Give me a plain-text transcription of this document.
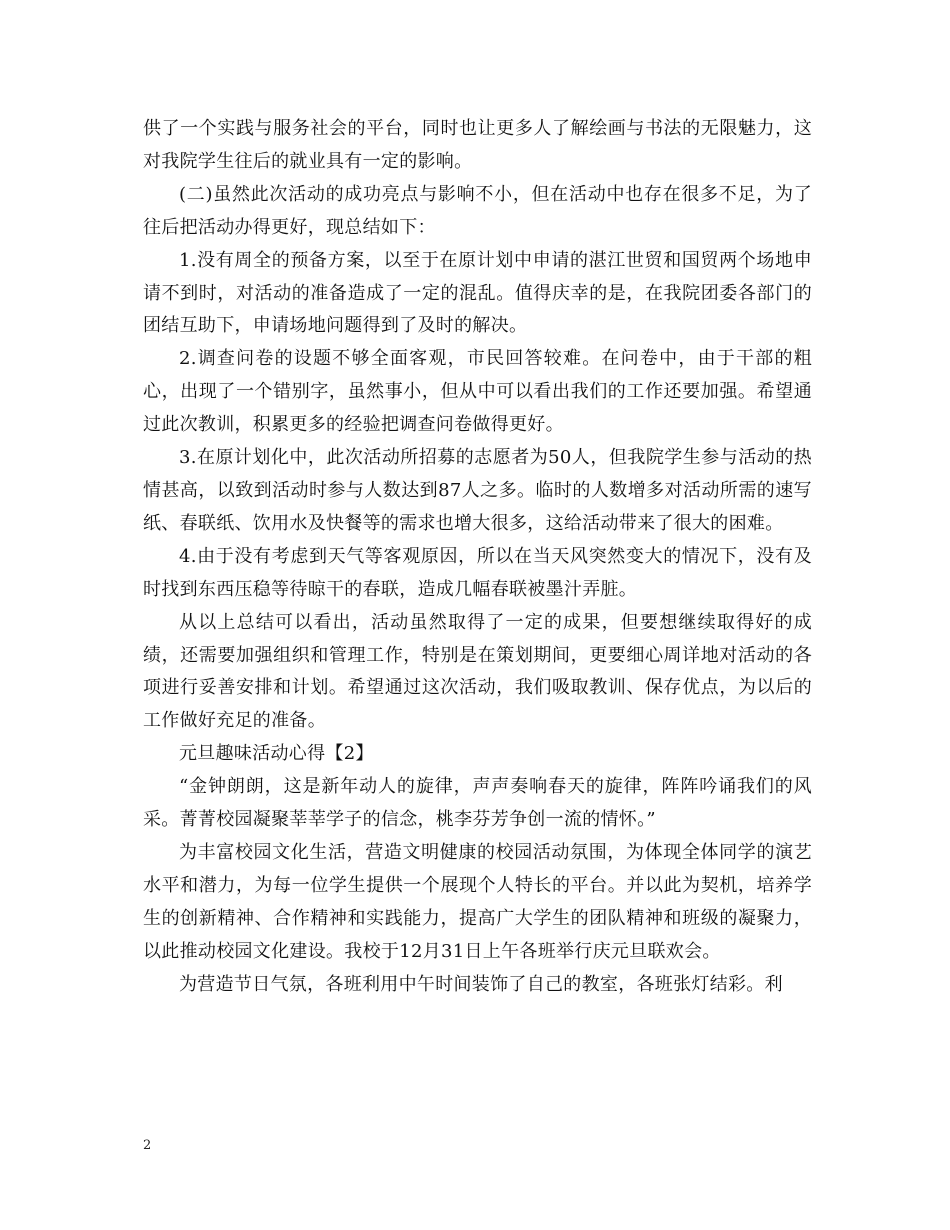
供了一个实践与服务社会的平台，同时也让更多人了解绘画与书法的无限魅力，这对我院学生往后的就业具有一定的影响。

(二)虽然此次活动的成功亮点与影响不小，但在活动中也存在很多不足，为了往后把活动办得更好，现总结如下：

1.没有周全的预备方案，以至于在原计划中申请的湛江世贸和国贸两个场地申请不到时，对活动的准备造成了一定的混乱。值得庆幸的是，在我院团委各部门的团结互助下，申请场地问题得到了及时的解决。

2.调查问卷的设题不够全面客观，市民回答较难。在问卷中，由于干部的粗心，出现了一个错别字，虽然事小，但从中可以看出我们的工作还要加强。希望通过此次教训，积累更多的经验把调查问卷做得更好。

3.在原计划化中，此次活动所招募的志愿者为50人，但我院学生参与活动的热情甚高，以致到活动时参与人数达到87人之多。临时的人数增多对活动所需的速写纸、春联纸、饮用水及快餐等的需求也增大很多，这给活动带来了很大的困难。

4.由于没有考虑到天气等客观原因，所以在当天风突然变大的情况下，没有及时找到东西压稳等待晾干的春联，造成几幅春联被墨汁弄脏。

从以上总结可以看出，活动虽然取得了一定的成果，但要想继续取得好的成绩，还需要加强组织和管理工作，特别是在策划期间，更要细心周详地对活动的各项进行妥善安排和计划。希望通过这次活动，我们吸取教训、保存优点，为以后的工作做好充足的准备。

元旦趣味活动心得【2】

“金钟朗朗，这是新年动人的旋律，声声奏响春天的旋律，阵阵吟诵我们的风采。菁菁校园凝聚莘莘学子的信念，桃李芬芳争创一流的情怀。”

为丰富校园文化生活，营造文明健康的校园活动氛围，为体现全体同学的演艺水平和潜力，为每一位学生提供一个展现个人特长的平台。并以此为契机，培养学生的创新精神、合作精神和实践能力，提高广大学生的团队精神和班级的凝聚力，以此推动校园文化建设。我校于12月31日上午各班举行庆元旦联欢会。

为营造节日气氛，各班利用中午时间装饰了自己的教室，各班张灯结彩。利

2
